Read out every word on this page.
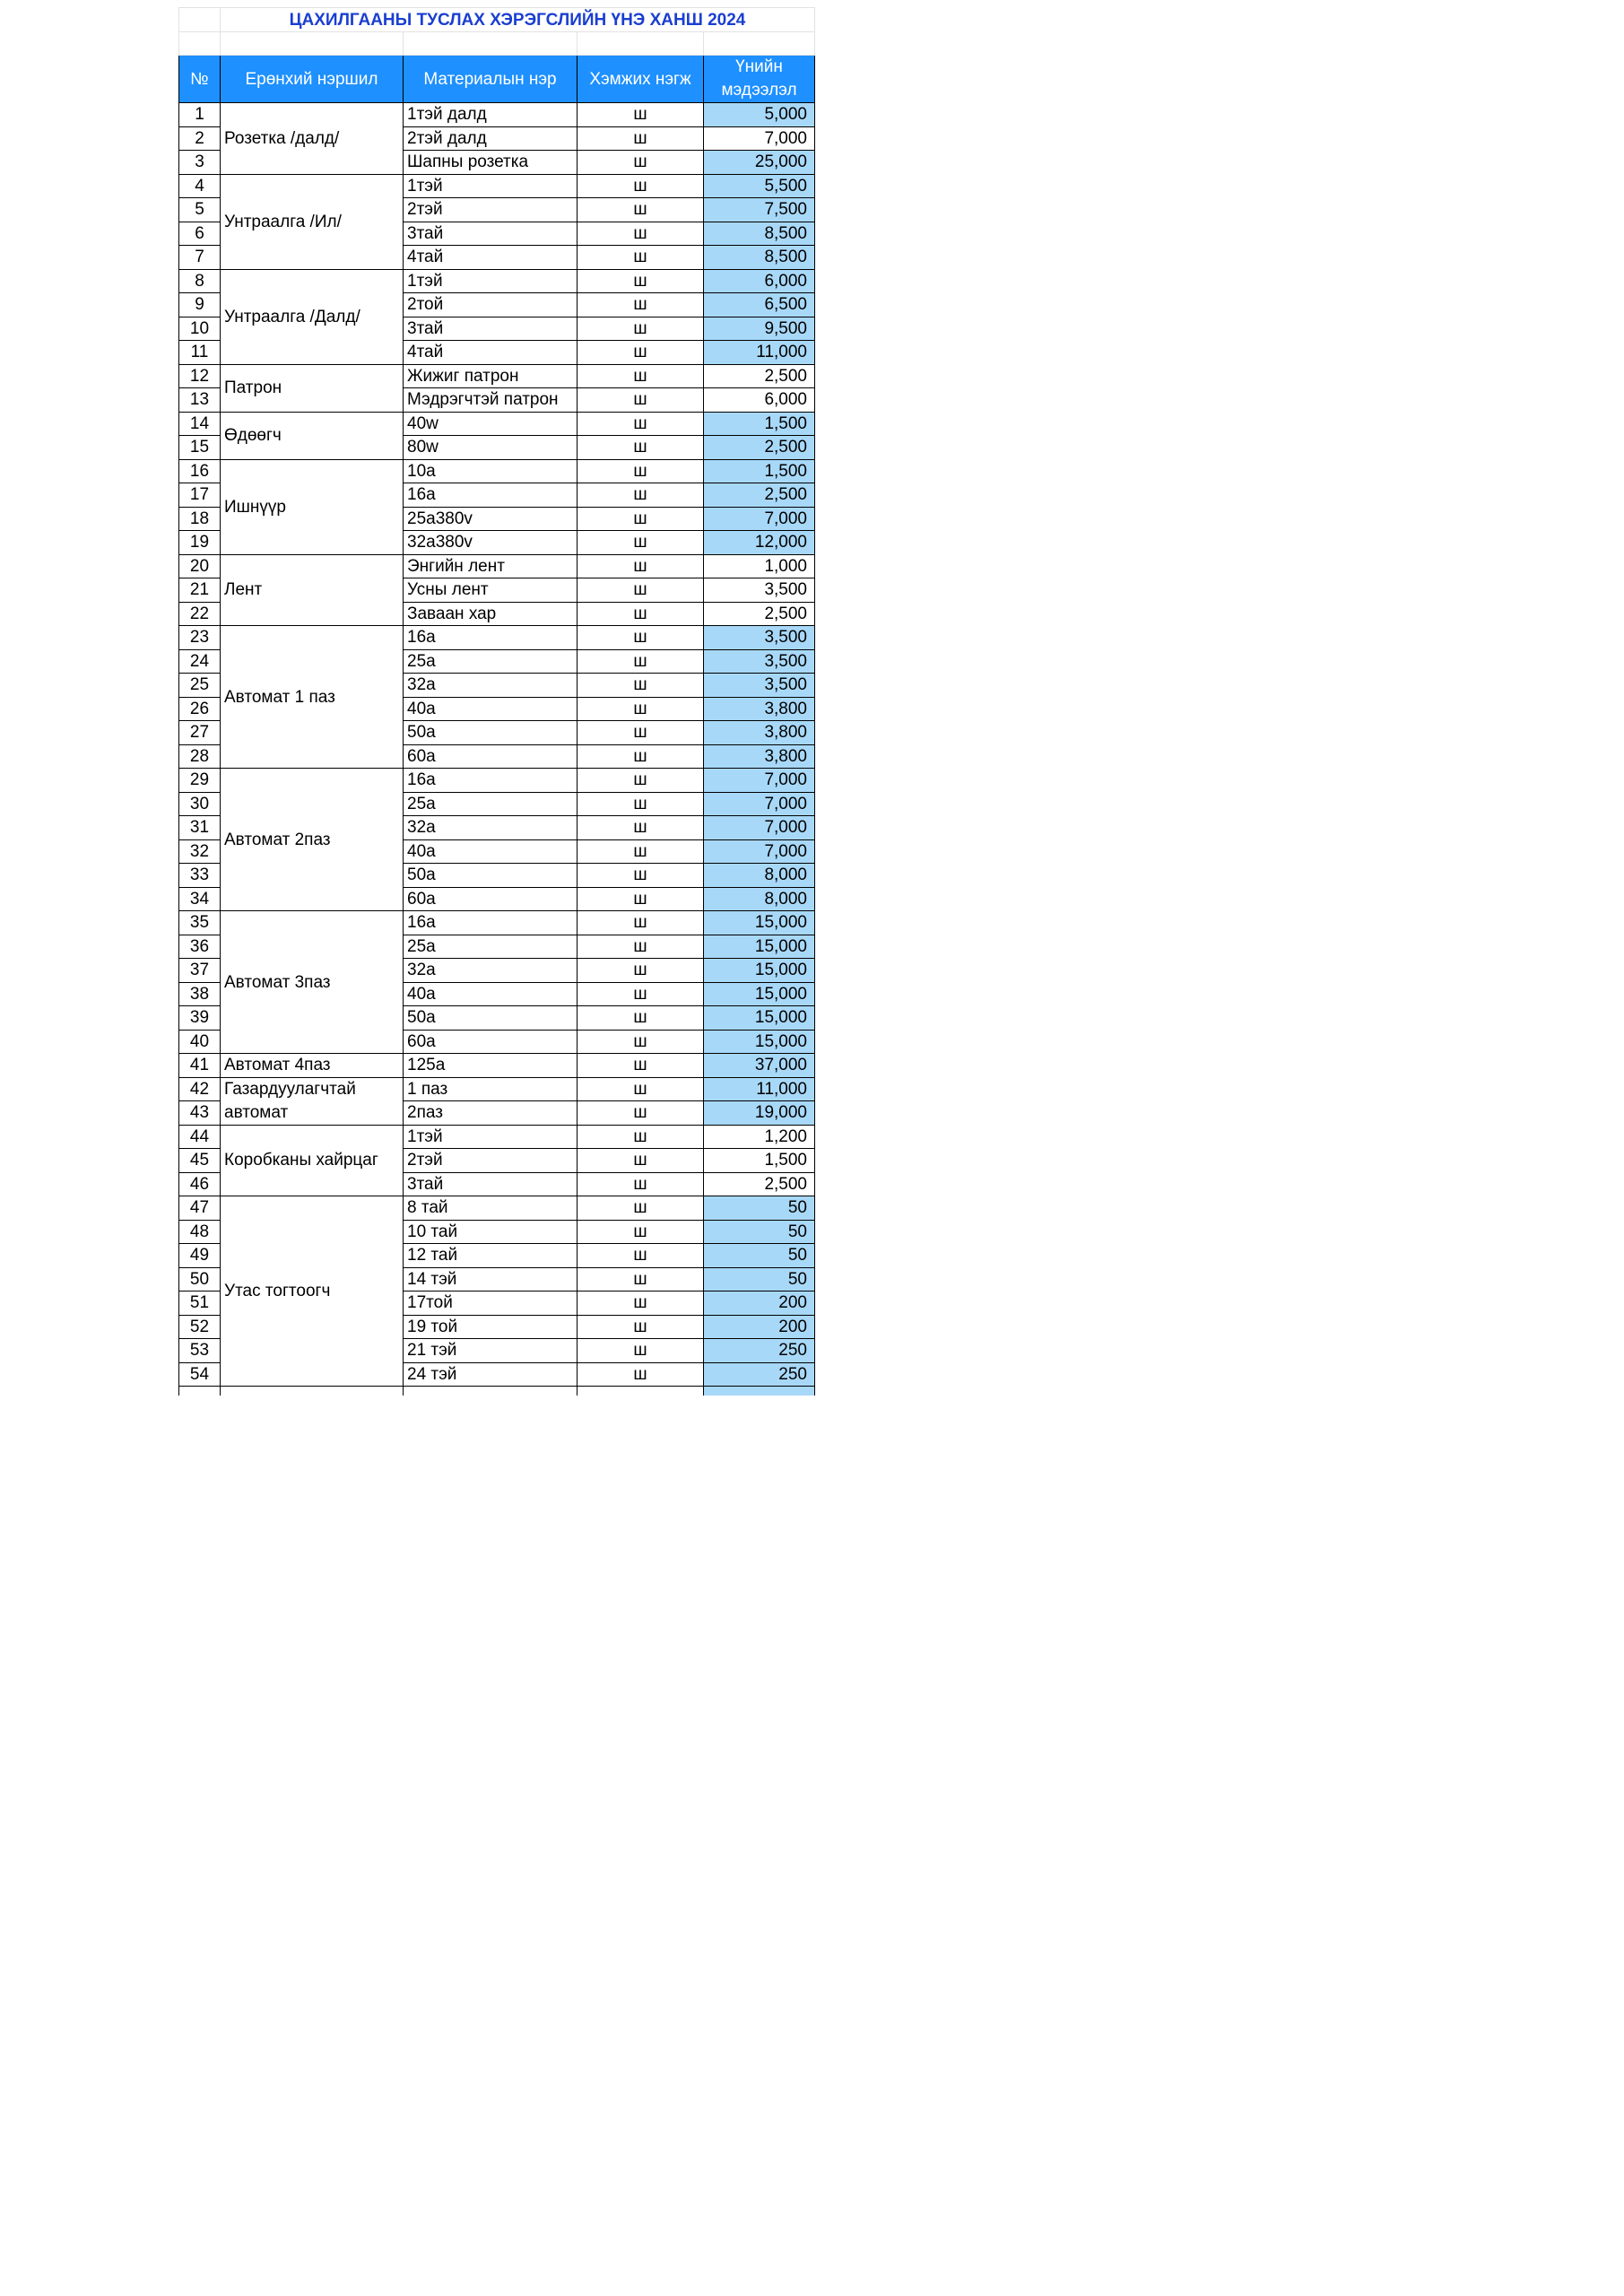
	ЦАХИЛГААНЫ ТУСЛАХ ХЭРЭГСЛИЙН ҮНЭ ХАНШ 2024			

№	Ерөнхий нэршил	Материалын нэр	Хэмжих нэгж	Үнийн
мэдээлэл
1	Розетка /далд/	1тэй далд	ш	5,000
2		2тэй далд	ш	7,000
3		Шапны розетка	ш	25,000
4	Унтраалга /Ил/	1тэй	ш	5,500
5		2тэй	ш	7,500
6		3тай	ш	8,500
7		4тай	ш	8,500
8	Унтраалга /Далд/	1тэй	ш	6,000
9		2той	ш	6,500
10		3тай	ш	9,500
11		4тай	ш	11,000
12	Патрон	Жижиг патрон	ш	2,500
13		Мэдрэгчтэй патрон	ш	6,000
14	Өдөөгч	40w	ш	1,500
15		80w	ш	2,500
16	Ишнүүр	10а	ш	1,500
17		16а	ш	2,500
18		25а380v	ш	7,000
19		32а380v	ш	12,000
20	Лент	Энгийн лент	ш	1,000
21		Усны лент	ш	3,500
22		Заваан хар	ш	2,500
23	Автомат 1 паз	16а	ш	3,500
24		25а	ш	3,500
25		32а	ш	3,500
26		40а	ш	3,800
27		50а	ш	3,800
28		60а	ш	3,800
29	Автомат 2паз	16а	ш	7,000
30		25а	ш	7,000
31		32а	ш	7,000
32		40а	ш	7,000
33		50а	ш	8,000
34		60а	ш	8,000
35	Автомат 3паз	16а	ш	15,000
36		25а	ш	15,000
37		32а	ш	15,000
38		40а	ш	15,000
39		50а	ш	15,000
40		60а	ш	15,000
41	Автомат 4паз	125а	ш	37,000
42	Газардуулагчтай автомат	1 паз	ш	11,000
43		2паз	ш	19,000
44	Коробканы хайрцаг	1тэй	ш	1,200
45		2тэй	ш	1,500
46		3тай	ш	2,500
47	Утас тогтоогч	8 тай	ш	50
48		10 тай	ш	50
49		12 тай	ш	50
50		14 тэй	ш	50
51		17той	ш	200
52		19 той	ш	200
53		21 тэй	ш	250
54		24 тэй	ш	250
